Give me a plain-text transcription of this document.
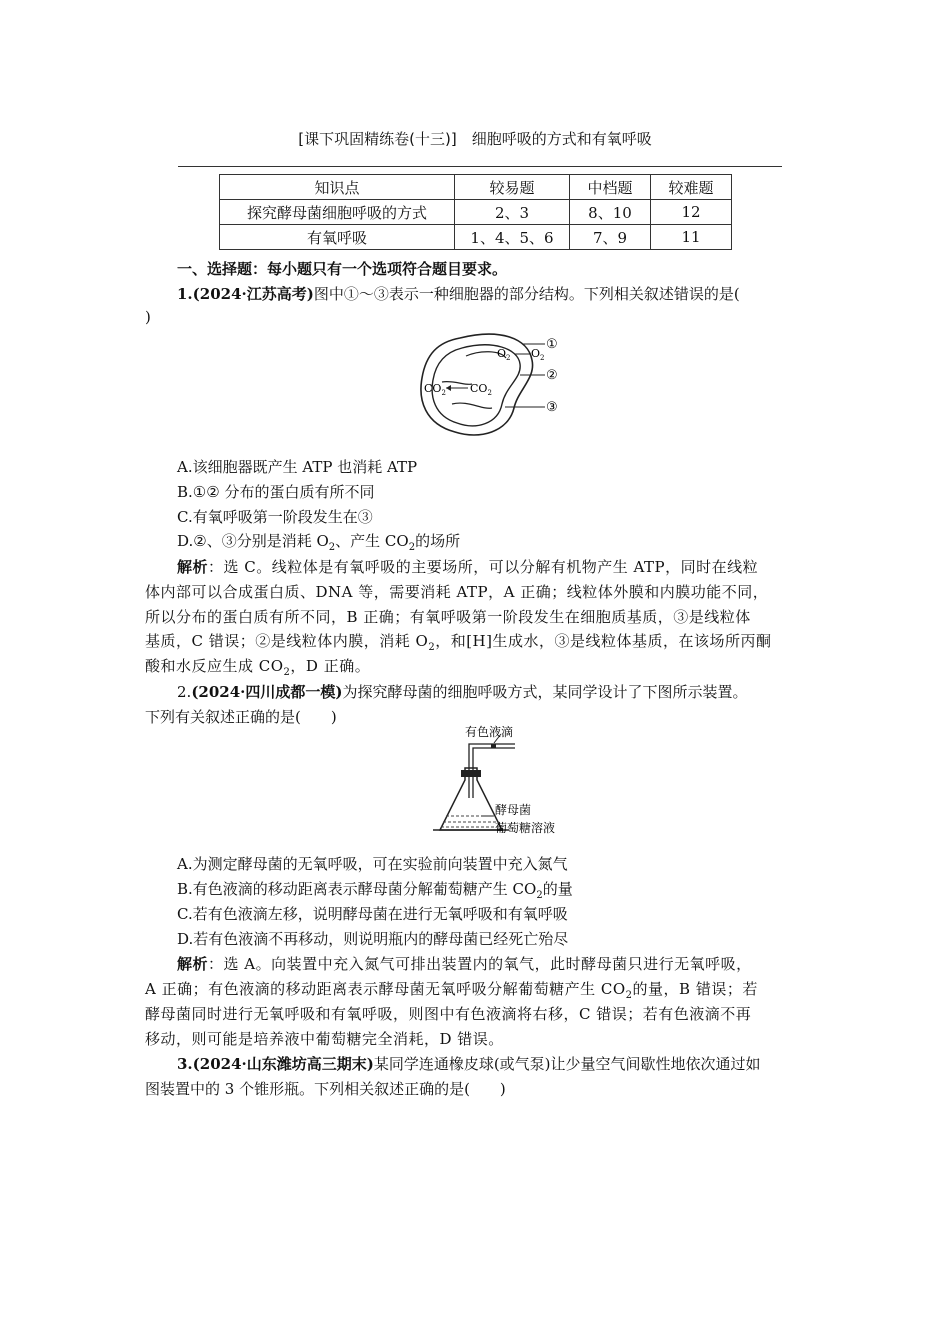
[课下巩固精练卷(十三)]　细胞呼吸的方式和有氧呼吸
知识点	较易题	中档题	较难题
探究酵母菌细胞呼吸的方式	2、3	8、10	12
有氧呼吸	1、4、5、6	7、9	11
一、选择题：每小题只有一个选项符合题目要求。
1.(2024·江苏高考)图中①～③表示一种细胞器的部分结构。下列相关叙述错误的是(
)
$O_2$ $O_2$
$CO_2$ $CO_2$
①
②
③
A.该细胞器既产生 ATP 也消耗 ATP
B.①② 分布的蛋白质有所不同
C.有氧呼吸第一阶段发生在③
D.②、③分别是消耗 $O_2$、产生 $CO_2$的场所
解析：选 C。线粒体是有氧呼吸的主要场所，可以分解有机物产生 ATP，同时在线粒
体内部可以合成蛋白质、DNA 等，需要消耗 ATP，A 正确；线粒体外膜和内膜功能不同，
所以分布的蛋白质有所不同，B 正确；有氧呼吸第一阶段发生在细胞质基质，③是线粒体
基质，C 错误；②是线粒体内膜，消耗 $O_2$，和[H]生成水，③是线粒体基质，在该场所丙酮
酸和水反应生成 $CO_2$，D 正确。
2.(2024·四川成都一模)为探究酵母菌的细胞呼吸方式，某同学设计了下图所示装置。
下列有关叙述正确的是(　　)
有色液滴
酵母菌
葡萄糖溶液
A.为测定酵母菌的无氧呼吸，可在实验前向装置中充入氮气
B.有色液滴的移动距离表示酵母菌分解葡萄糖产生 $CO_2$的量
C.若有色液滴左移，说明酵母菌在进行无氧呼吸和有氧呼吸
D.若有色液滴不再移动，则说明瓶内的酵母菌已经死亡殆尽
解析：选 A。向装置中充入氮气可排出装置内的氧气，此时酵母菌只进行无氧呼吸，
A 正确；有色液滴的移动距离表示酵母菌无氧呼吸分解葡萄糖产生 $CO_2$的量，B 错误；若
酵母菌同时进行无氧呼吸和有氧呼吸，则图中有色液滴将右移，C 错误；若有色液滴不再
移动，则可能是培养液中葡萄糖完全消耗，D 错误。
3.(2024·山东潍坊高三期末)某同学连通橡皮球(或气泵)让少量空气间歇性地依次通过如
图装置中的 3 个锥形瓶。下列相关叙述正确的是(　　)
